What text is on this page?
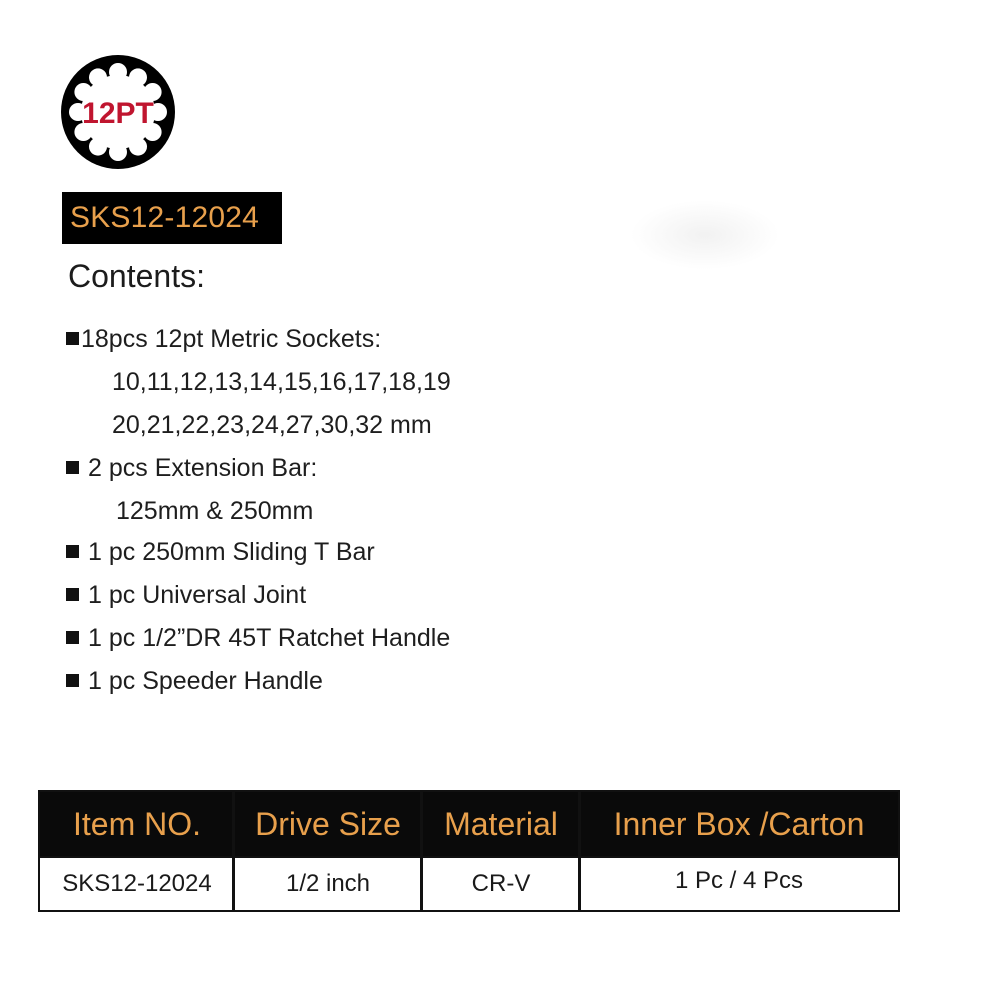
12PT
SKS12-12024
Contents:
18pcs 12pt Metric Sockets:
10,11,12,13,14,15,16,17,18,19
20,21,22,23,24,27,30,32 mm
2 pcs Extension Bar:
125mm & 250mm
1 pc 250mm Sliding T Bar
1 pc Universal Joint
1 pc 1/2”DR 45T Ratchet Handle
1 pc Speeder Handle
Item NO.	Drive Size	Material	Inner Box /Carton
SKS12-12024	1/2 inch	CR-V	1 Pc / 4 Pcs
